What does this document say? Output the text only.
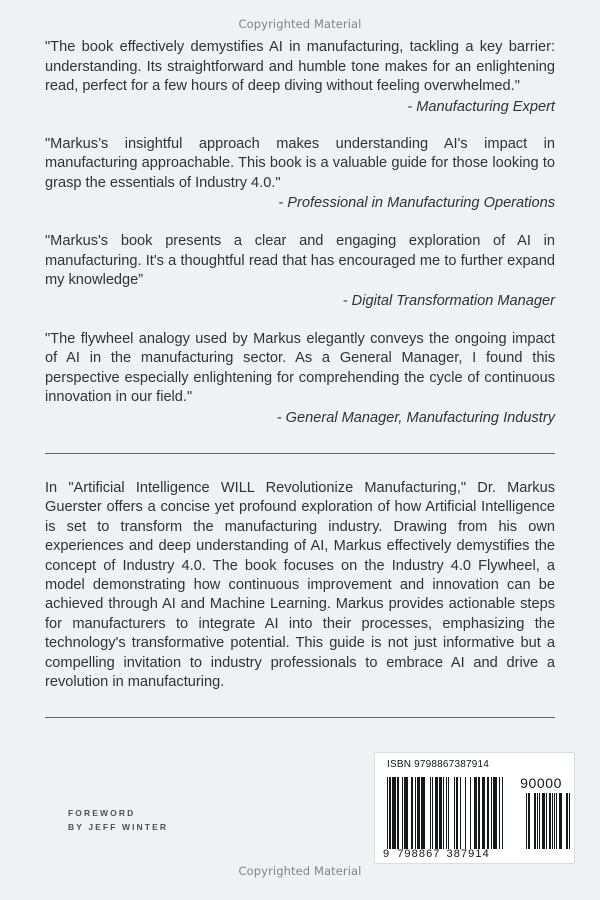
Copyrighted Material

"The book effectively demystifies AI in manufacturing, tackling a key barrier: understanding. Its straightforward and humble tone makes for an enlightening read, perfect for a few hours of deep diving without feeling overwhelmed."

- Manufacturing Expert

"Markus’s insightful approach makes understanding AI's impact in manufacturing approachable. This book is a valuable guide for those looking to grasp the essentials of Industry 4.0."

- Professional in Manufacturing Operations

"Markus's book presents a clear and engaging exploration of AI in manufacturing. It's a thoughtful read that has encouraged me to further expand my knowledge”

- Digital Transformation Manager

"The flywheel analogy used by Markus elegantly conveys the ongoing impact of AI in the manufacturing sector. As a General Manager, I found this perspective especially enlightening for comprehending the cycle of continuous innovation in our field."

- General Manager, Manufacturing Industry

In "Artificial Intelligence WILL Revolutionize Manufacturing," Dr. Markus Guerster offers a concise yet profound exploration of how Artificial Intelligence is set to transform the manufacturing industry. Drawing from his own experiences and deep understanding of AI, Markus effectively demystifies the concept of Industry 4.0. The book focuses on the Industry 4.0 Flywheel, a model demonstrating how continuous improvement and innovation can be achieved through AI and Machine Learning. Markus provides actionable steps for manufacturers to integrate AI into their processes, emphasizing the technology's transformative potential. This guide is not just informative but a compelling invitation to industry professionals to embrace AI and drive a revolution in manufacturing.

FOREWORD
BY JEFF WINTER
ISBN 9798867387914
90000
9 798867 387914
Copyrighted Material
